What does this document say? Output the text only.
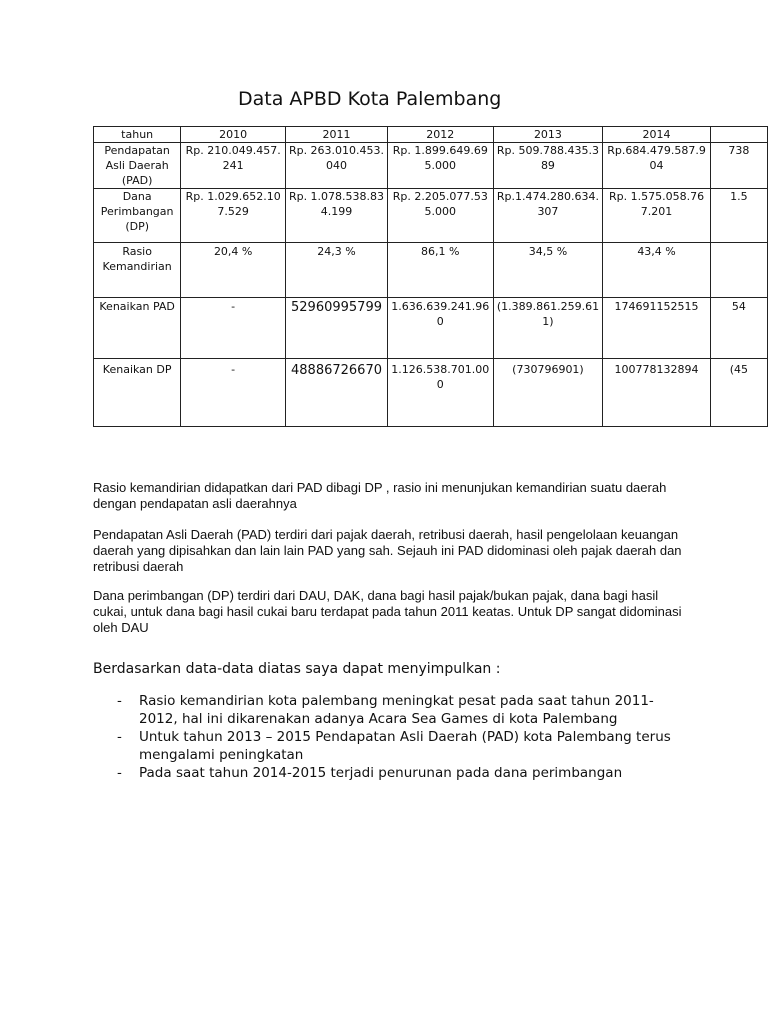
Data APBD Kota Palembang
tahun	2010	2011	2012	2013	2014	
Pendapatan Asli Daerah (PAD)	Rp. 210.049.457.241	Rp. 263.010.453.040	Rp. 1.899.649.695.000	Rp. 509.788.435.389	Rp.684.479.587.904	738
Dana Perimbangan (DP)	Rp. 1.029.652.107.529	Rp. 1.078.538.834.199	Rp. 2.205.077.535.000	Rp.1.474.280.634.307	Rp. 1.575.058.767.201	1.5
Rasio Kemandirian	20,4 %	24,3 %	86,1 %	34,5 %	43,4 %	
Kenaikan PAD	-	52960995799	1.636.639.241.960	(1.389.861.259.611)	174691152515	54
Kenaikan DP	-	48886726670	1.126.538.701.000	(730796901)	100778132894	(45

Rasio kemandirian didapatkan dari PAD dibagi DP , rasio ini menunjukan kemandirian suatu daerah dengan pendapatan asli daerahnya

Pendapatan Asli Daerah (PAD) terdiri dari pajak daerah, retribusi daerah, hasil pengelolaan keuangan daerah yang dipisahkan dan lain lain PAD yang sah. Sejauh ini PAD didominasi oleh pajak daerah dan retribusi daerah

Dana perimbangan (DP) terdiri dari DAU, DAK, dana bagi hasil pajak/bukan pajak, dana bagi hasil cukai, untuk dana bagi hasil cukai baru terdapat pada tahun 2011 keatas. Untuk DP sangat didominasi oleh DAU

Berdasarkan data-data diatas saya dapat menyimpulkan :

- Rasio kemandirian kota palembang meningkat pesat pada saat tahun 2011-2012, hal ini dikarenakan adanya Acara Sea Games di kota Palembang
- Untuk tahun 2013 – 2015 Pendapatan Asli Daerah (PAD) kota Palembang terus mengalami peningkatan
- Pada saat tahun 2014-2015 terjadi penurunan pada dana perimbangan
